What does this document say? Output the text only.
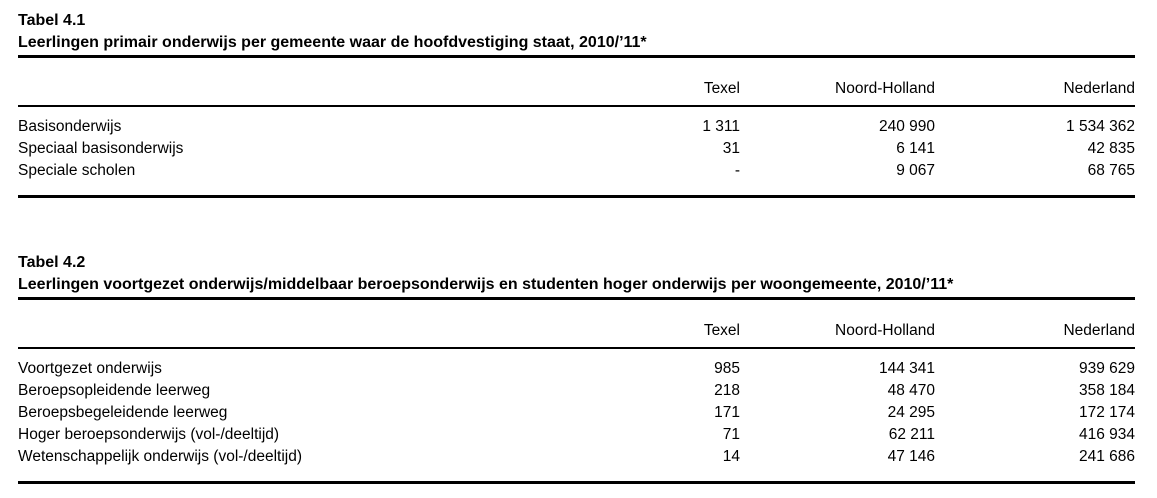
Tabel 4.1
Leerlingen primair onderwijs per gemeente waar de hoofdvestiging staat, 2010/’11*
	Texel	Noord-Holland	Nederland
Basisonderwijs	1 311	240 990	1 534 362
Speciaal basisonderwijs	31	6 141	42 835
Speciale scholen	-	9 067	68 765
Tabel 4.2
Leerlingen voortgezet onderwijs/middelbaar beroepsonderwijs en studenten hoger onderwijs per woongemeente, 2010/’11*
	Texel	Noord-Holland	Nederland
Voortgezet onderwijs	985	144 341	939 629
Beroepsopleidende leerweg	218	48 470	358 184
Beroepsbegeleidende leerweg	171	24 295	172 174
Hoger beroepsonderwijs (vol-/deeltijd)	71	62 211	416 934
Wetenschappelijk onderwijs (vol-/deeltijd)	14	47 146	241 686
